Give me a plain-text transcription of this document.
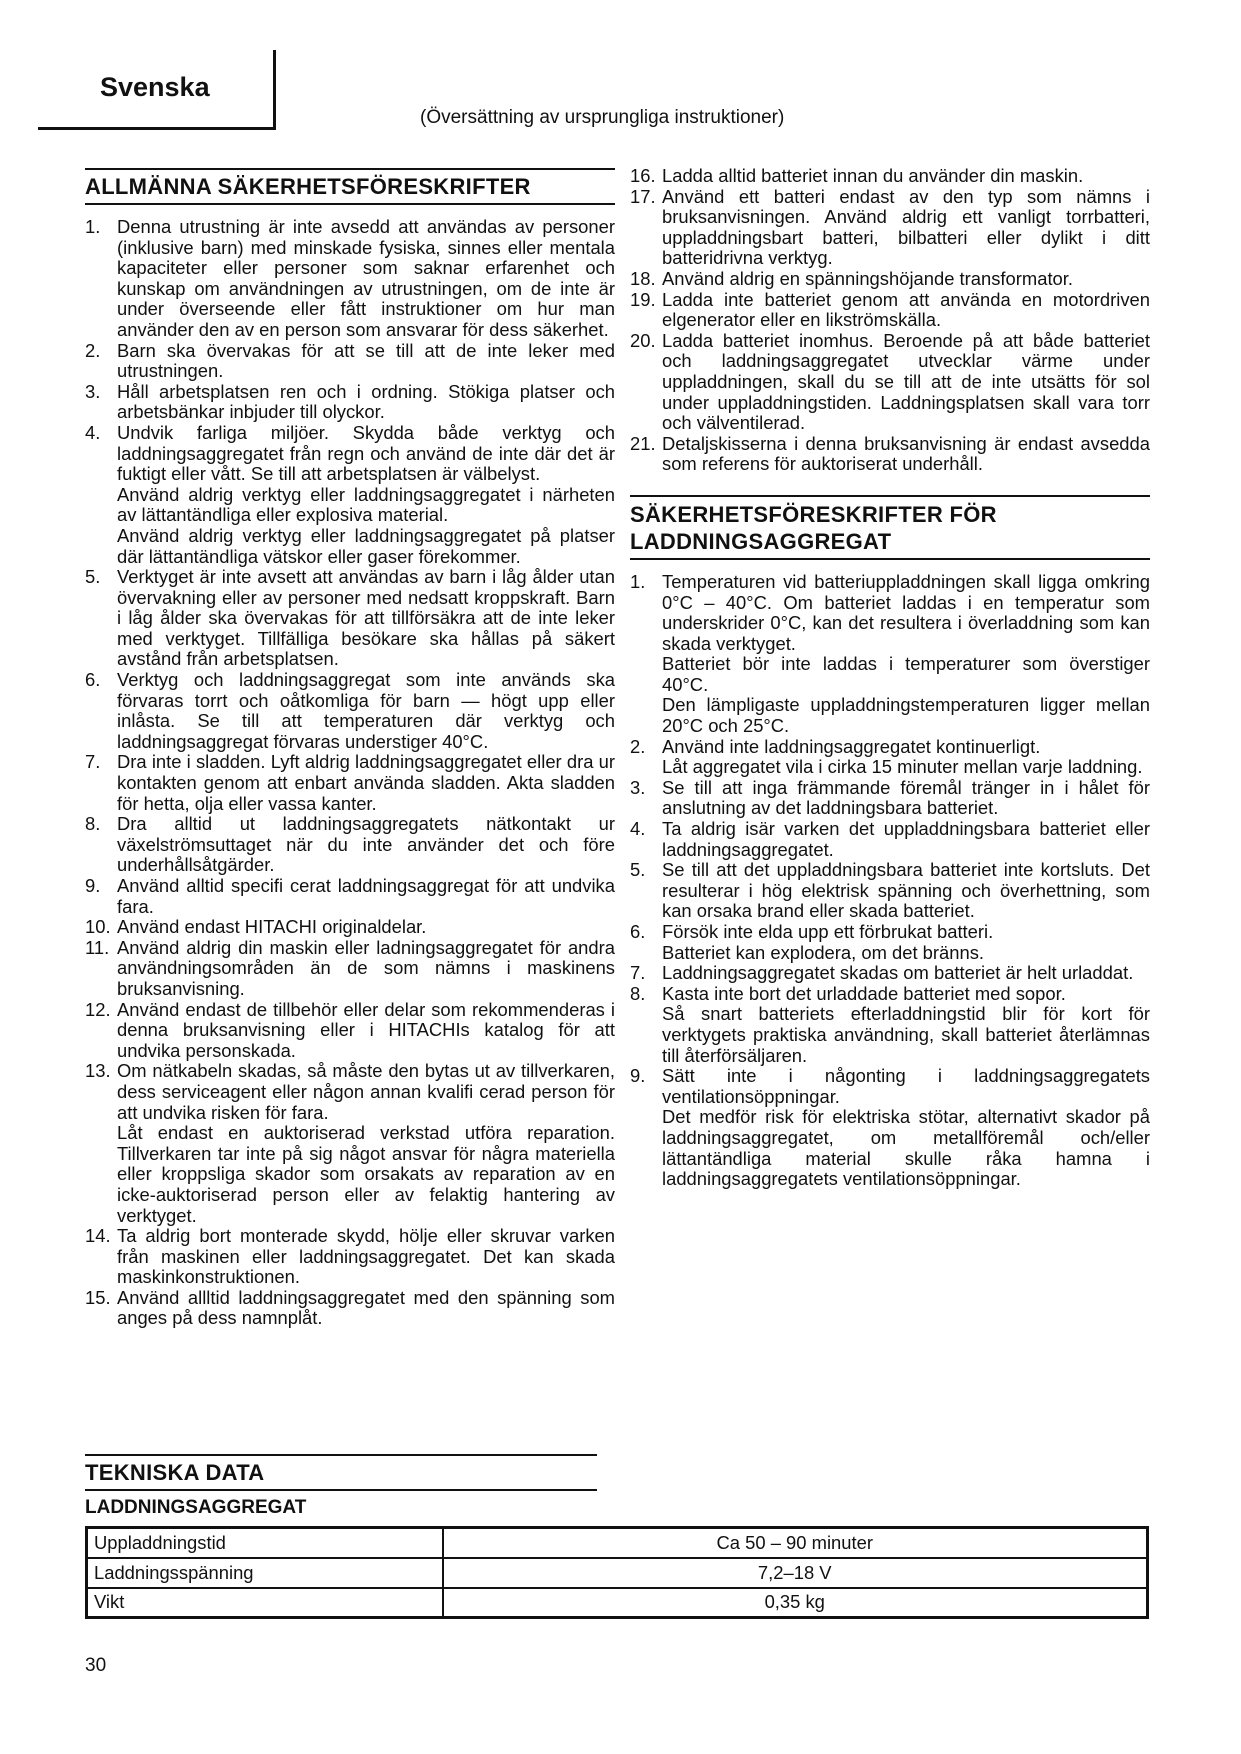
Svenska
(Översättning av ursprungliga instruktioner)
ALLMÄNNA SÄKERHETSFÖRESKRIFTER
1. Denna utrustning är inte avsedd att användas av personer (inklusive barn) med minskade fysiska, sinnes eller mentala kapaciteter eller personer som saknar erfarenhet och kunskap om användningen av utrustningen, om de inte är under överseende eller fått instruktioner om hur man använder den av en person som ansvarar för dess säkerhet.
2. Barn ska övervakas för att se till att de inte leker med utrustningen.
3. Håll arbetsplatsen ren och i ordning. Stökiga platser och arbetsbänkar inbjuder till olyckor.
4. Undvik farliga miljöer. Skydda både verktyg och laddningsaggregatet från regn och använd de inte där det är fuktigt eller vått. Se till att arbetsplatsen är välbelyst.
Använd aldrig verktyg eller laddningsaggregatet i närheten av lättantändliga eller explosiva material.
Använd aldrig verktyg eller laddningsaggregatet på platser där lättantändliga vätskor eller gaser förekommer.
5. Verktyget är inte avsett att användas av barn i låg ålder utan övervakning eller av personer med nedsatt kroppskraft. Barn i låg ålder ska övervakas för att tillförsäkra att de inte leker med verktyget. Tillfälliga besökare ska hållas på säkert avstånd från arbetsplatsen.
6. Verktyg och laddningsaggregat som inte används ska förvaras torrt och oåtkomliga för barn — högt upp eller inlåsta. Se till att temperaturen där verktyg och laddningsaggregat förvaras understiger 40°C.
7. Dra inte i sladden. Lyft aldrig laddningsaggregatet eller dra ur kontakten genom att enbart använda sladden. Akta sladden för hetta, olja eller vassa kanter.
8. Dra alltid ut laddningsaggregatets nätkontakt ur växelströmsuttaget när du inte använder det och före underhållsåtgärder.
9. Använd alltid specifi cerat laddningsaggregat för att undvika fara.
10. Använd endast HITACHI originaldelar.
11. Använd aldrig din maskin eller ladningsaggregatet för andra användningsområden än de som nämns i maskinens bruksanvisning.
12. Använd endast de tillbehör eller delar som rekommenderas i denna bruksanvisning eller i HITACHIs katalog för att undvika personskada.
13. Om nätkabeln skadas, så måste den bytas ut av tillverkaren, dess serviceagent eller någon annan kvalifi cerad person för att undvika risken för fara.
Låt endast en auktoriserad verkstad utföra reparation. Tillverkaren tar inte på sig något ansvar för några materiella eller kroppsliga skador som orsakats av reparation av en icke-auktoriserad person eller av felaktig hantering av verktyget.
14. Ta aldrig bort monterade skydd, hölje eller skruvar varken från maskinen eller laddningsaggregatet. Det kan skada maskinkonstruktionen.
15. Använd allltid laddningsaggregatet med den spänning som anges på dess namnplåt.
16. Ladda alltid batteriet innan du använder din maskin.
17. Använd ett batteri endast av den typ som nämns i bruksanvisningen. Använd aldrig ett vanligt torrbatteri, uppladdningsbart batteri, bilbatteri eller dylikt i ditt batteridrivna verktyg.
18. Använd aldrig en spänningshöjande transformator.
19. Ladda inte batteriet genom att använda en motordriven elgenerator eller en likströmskälla.
20. Ladda batteriet inomhus. Beroende på att både batteriet och laddningsaggregatet utvecklar värme under uppladdningen, skall du se till att de inte utsätts för sol under uppladdningstiden. Laddningsplatsen skall vara torr och välventilerad.
21. Detaljskisserna i denna bruksanvisning är endast avsedda som referens för auktoriserat underhåll.
SÄKERHETSFÖRESKRIFTER FÖR
LADDNINGSAGGREGAT
1. Temperaturen vid batteriuppladdningen skall ligga omkring 0°C – 40°C. Om batteriet laddas i en temperatur som underskrider 0°C, kan det resultera i överladdning som kan skada verktyget.
Batteriet bör inte laddas i temperaturer som överstiger 40°C.
Den lämpligaste uppladdningstemperaturen ligger mellan 20°C och 25°C.
2. Använd inte laddningsaggregatet kontinuerligt.
Låt aggregatet vila i cirka 15 minuter mellan varje laddning.
3. Se till att inga främmande föremål tränger in i hålet för anslutning av det laddningsbara batteriet.
4. Ta aldrig isär varken det uppladdningsbara batteriet eller laddningsaggregatet.
5. Se till att det uppladdningsbara batteriet inte kortsluts. Det resulterar i hög elektrisk spänning och överhettning, som kan orsaka brand eller skada batteriet.
6. Försök inte elda upp ett förbrukat batteri.
Batteriet kan explodera, om det bränns.
7. Laddningsaggregatet skadas om batteriet är helt urladdat.
8. Kasta inte bort det urladdade batteriet med sopor.
Så snart batteriets efterladdningstid blir för kort för verktygets praktiska användning, skall batteriet återlämnas till återförsäljaren.
9. Sätt inte i någonting i laddningsaggregatets ventilationsöppningar.
Det medför risk för elektriska stötar, alternativt skador på laddningsaggregatet, om metallföremål och/eller lättantändliga material skulle råka hamna i laddningsaggregatets ventilationsöppningar.
TEKNISKA DATA
LADDNINGSAGGREGAT
Uppladdningstid	Ca 50 – 90 minuter
Laddningsspänning	7,2–18 V
Vikt	0,35 kg
30
